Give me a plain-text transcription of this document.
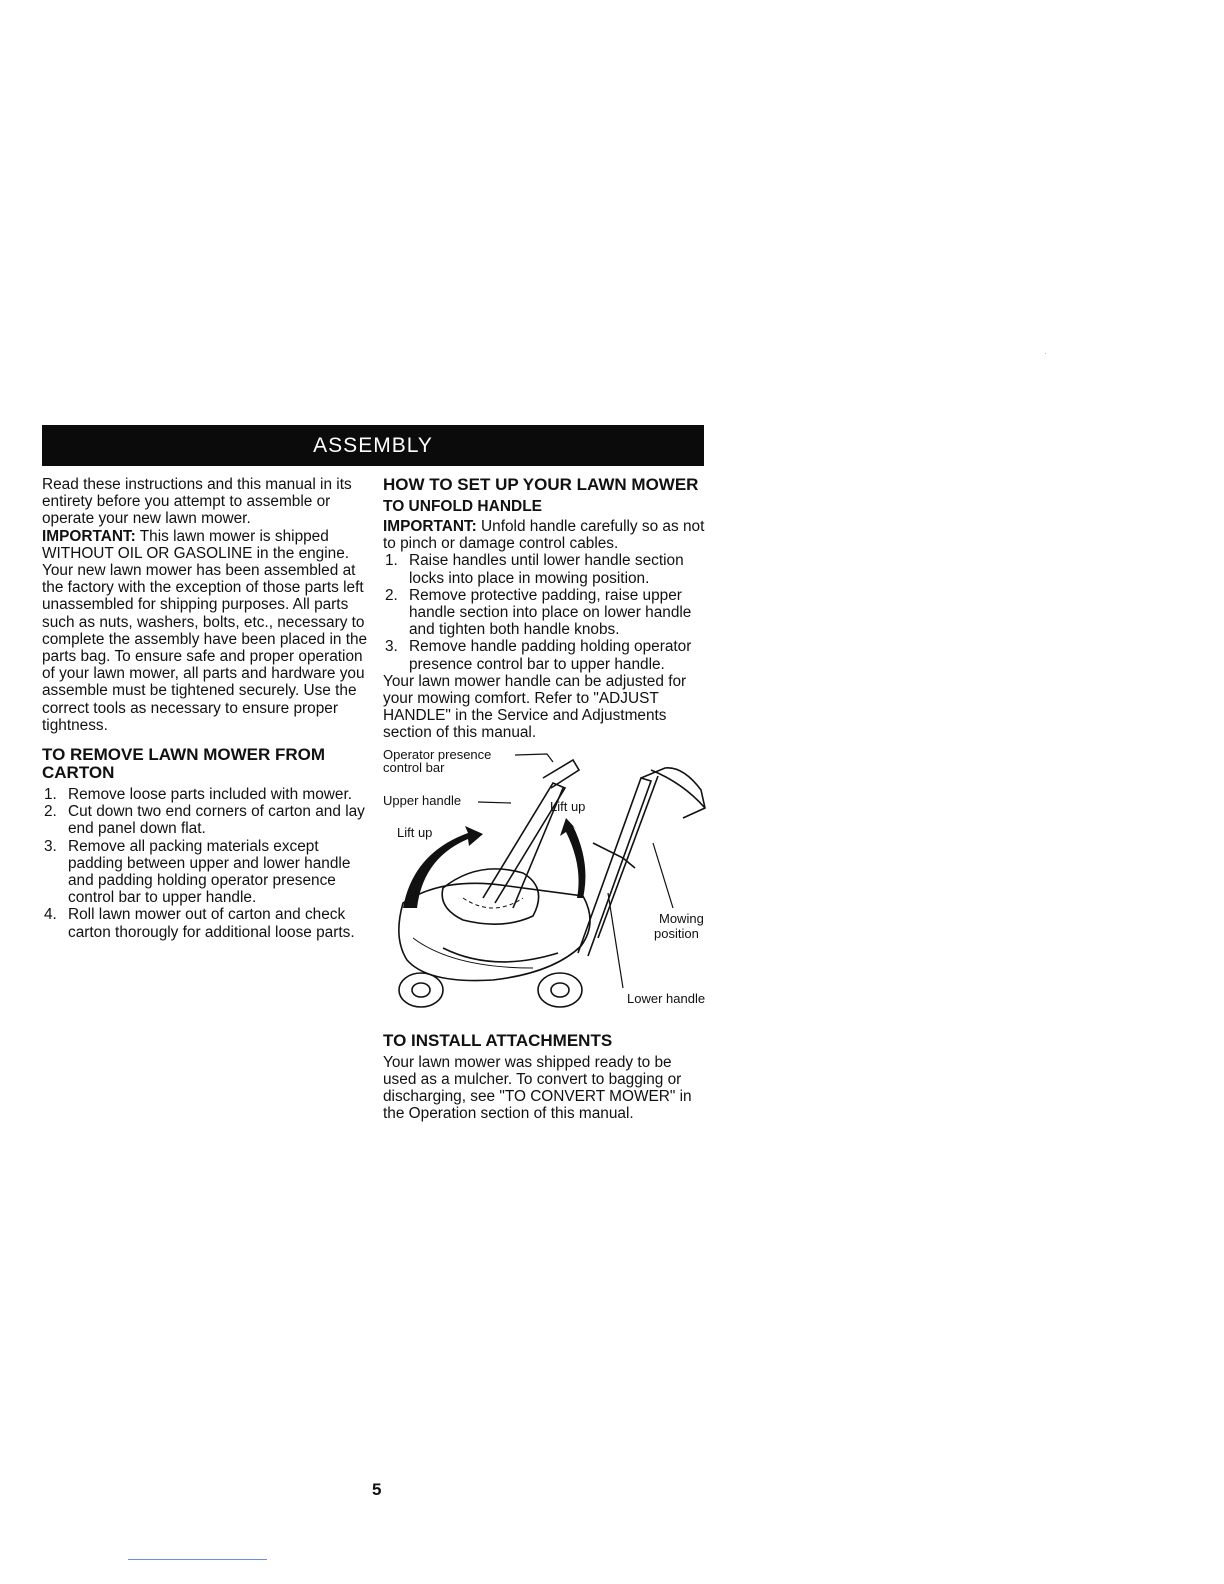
ASSEMBLY

Read these instructions and this manual in its entirety before you attempt to assemble or operate your new lawn mower.

IMPORTANT: This lawn mower is shipped WITHOUT OIL OR GASOLINE in the engine.

Your new lawn mower has been assembled at the factory with the exception of those parts left unassembled for shipping purposes. All parts such as nuts, washers, bolts, etc., necessary to complete the assembly have been placed in the parts bag. To ensure safe and proper operation of your lawn mower, all parts and hardware you assemble must be tightened securely. Use the correct tools as necessary to ensure proper tightness.

TO REMOVE LAWN MOWER FROM CARTON
1. Remove loose parts included with mower.
2. Cut down two end corners of carton and lay end panel down flat.
3. Remove all packing materials except padding between upper and lower handle and padding holding operator presence control bar to upper handle.
4. Roll lawn mower out of carton and check carton thorougly for additional loose parts.
HOW TO SET UP YOUR LAWN MOWER
TO UNFOLD HANDLE

IMPORTANT: Unfold handle carefully so as not to pinch or damage control cables.

1. Raise handles until lower handle section locks into place in mowing position.
2. Remove protective padding, raise upper handle section into place on lower handle and tighten both handle knobs.
3. Remove handle padding holding operator presence control bar to upper handle.

Your lawn mower handle can be adjusted for your mowing comfort. Refer to "ADJUST HANDLE" in the Service and Adjustments section of this manual.

Operator presence
control bar
Upper handle
Lift up
Lift up
Mowing
position
Lower handle
TO INSTALL ATTACHMENTS

Your lawn mower was shipped ready to be used as a mulcher. To convert to bagging or discharging, see "TO CONVERT MOWER" in the Operation section of this manual.

5
